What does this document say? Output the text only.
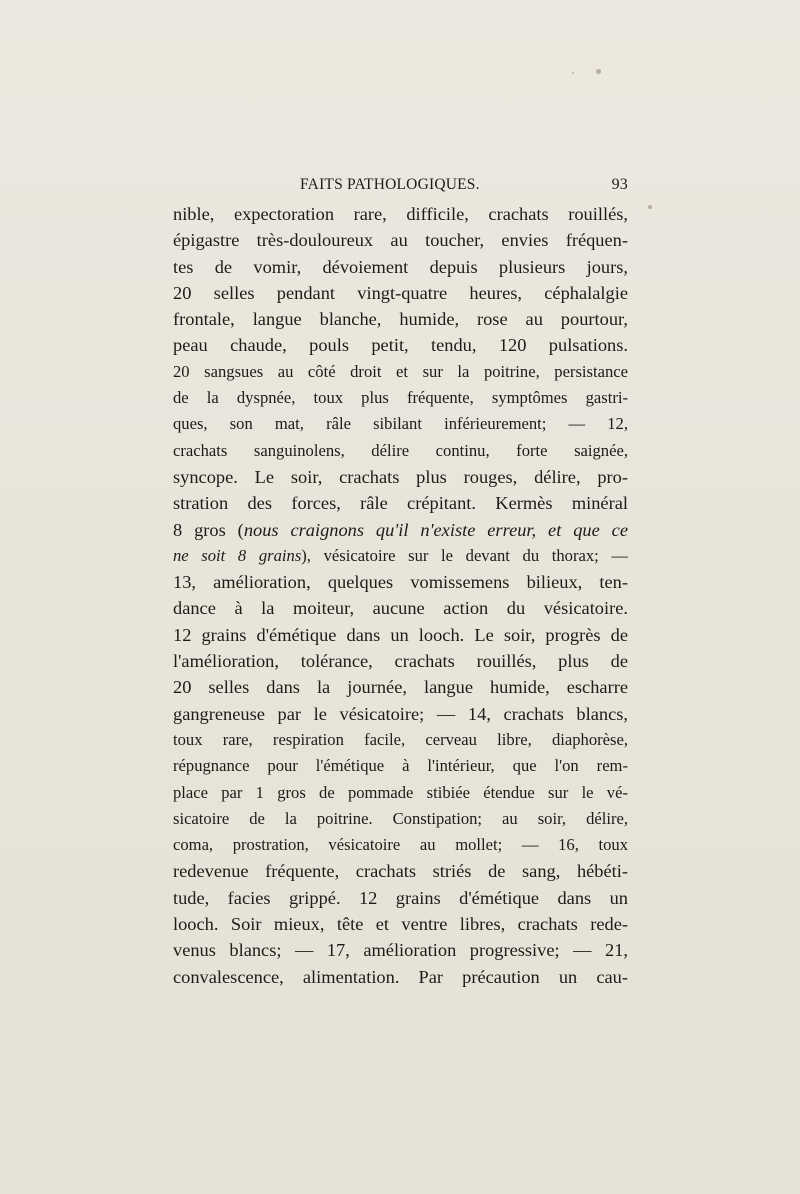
FAITS PATHOLOGIQUES.	93
nible, expectoration rare, difficile, crachats rouillés,
épigastre très-douloureux au toucher, envies fréquen-
tes de vomir, dévoiement depuis plusieurs jours,
20 selles pendant vingt-quatre heures, céphalalgie
frontale, langue blanche, humide, rose au pourtour,
peau chaude, pouls petit, tendu, 120 pulsations.
20 sangsues au côté droit et sur la poitrine, persistance
de la dyspnée, toux plus fréquente, symptômes gastri-
ques, son mat, râle sibilant inférieurement; — 12,
crachats sanguinolens, délire continu, forte saignée,
syncope. Le soir, crachats plus rouges, délire, pro-
stration des forces, râle crépitant. Kermès minéral
8 gros (nous craignons qu'il n'existe erreur, et que ce
ne soit 8 grains), vésicatoire sur le devant du thorax; —
13, amélioration, quelques vomissemens bilieux, ten-
dance à la moiteur, aucune action du vésicatoire.
12 grains d'émétique dans un looch. Le soir, progrès de
l'amélioration, tolérance, crachats rouillés, plus de
20 selles dans la journée, langue humide, escharre
gangreneuse par le vésicatoire; — 14, crachats blancs,
toux rare, respiration facile, cerveau libre, diaphorèse,
répugnance pour l'émétique à l'intérieur, que l'on rem-
place par 1 gros de pommade stibiée étendue sur le vé-
sicatoire de la poitrine. Constipation; au soir, délire,
coma, prostration, vésicatoire au mollet; — 16, toux
redevenue fréquente, crachats striés de sang, hébéti-
tude, facies grippé. 12 grains d'émétique dans un
looch. Soir mieux, tête et ventre libres, crachats rede-
venus blancs; — 17, amélioration progressive; — 21,
convalescence, alimentation. Par précaution un cau-
